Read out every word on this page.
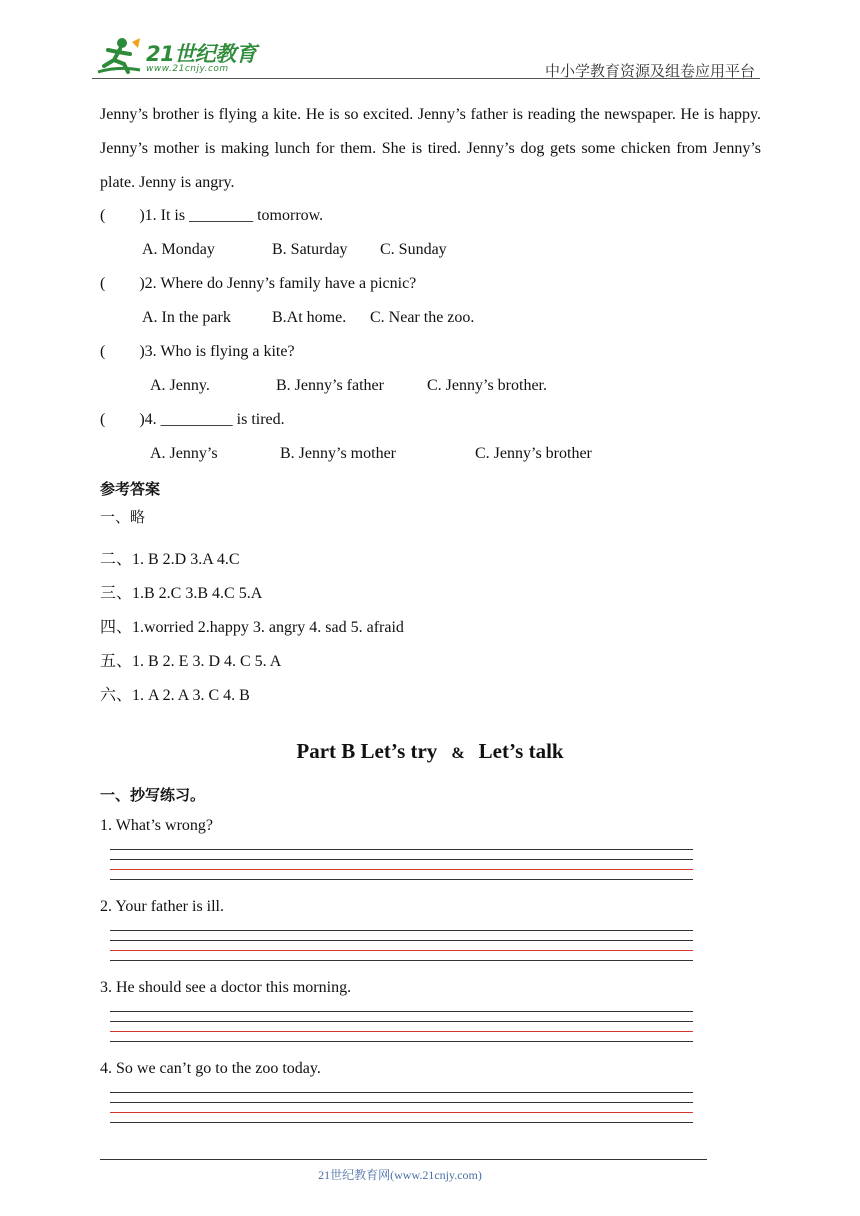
21世纪教育
www.21cnjy.com	中小学教育资源及组卷应用平台
Jenny’s brother is flying a kite. He is so excited. Jenny’s father is reading the newspaper. He is happy. Jenny’s mother is making lunch for them. She is tired. Jenny’s dog gets some chicken from Jenny’s plate. Jenny is angry.
( )1. It is ________ tomorrow.
A. Monday	B. Saturday C. Sunday
( )2. Where do Jenny’s family have a picnic?
A. In the park	B.At home. C. Near the zoo.
( )3. Who is flying a kite?
A. Jenny.	B. Jenny’s father	C. Jenny’s brother.
( )4. _________ is tired.
A. Jenny’s	B. Jenny’s mother	C. Jenny’s brother
参考答案
一、略
二、1. B 2.D 3.A 4.C
三、1.B 2.C 3.B 4.C 5.A
四、1.worried 2.happy 3. angry 4. sad 5. afraid
五、1. B 2. E 3. D 4. C 5. A
六、1. A 2. A 3. C 4. B
Part B Let’s try & Let’s talk
一、抄写练习。
1. What’s wrong?
2. Your father is ill.
3. He should see a doctor this morning.
4. So we can’t go to the zoo today.
21世纪教育网(www.21cnjy.com)
